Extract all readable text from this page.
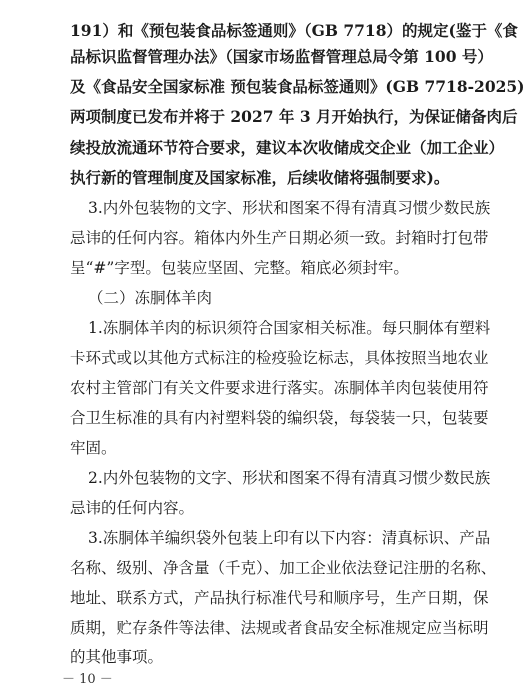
191）和《预包装食品标签通则》（GB 7718）的规定(鉴于《食
品标识监督管理办法》（国家市场监督管理总局令第 100 号）
及《食品安全国家标准 预包装食品标签通则》(GB 7718-2025)
两项制度已发布并将于 2027 年 3 月开始执行，为保证储备肉后
续投放流通环节符合要求，建议本次收储成交企业（加工企业）
执行新的管理制度及国家标准，后续收储将强制要求)。
3.内外包装物的文字、形状和图案不得有清真习惯少数民族
忌讳的任何内容。箱体内外生产日期必须一致。封箱时打包带
呈“#”字型。包装应坚固、完整。箱底必须封牢。
（二）冻胴体羊肉
1.冻胴体羊肉的标识须符合国家相关标准。每只胴体有塑料
卡环式或以其他方式标注的检疫验讫标志，具体按照当地农业
农村主管部门有关文件要求进行落实。冻胴体羊肉包装使用符
合卫生标准的具有内衬塑料袋的编织袋，每袋装一只，包装要
牢固。
2.内外包装物的文字、形状和图案不得有清真习惯少数民族
忌讳的任何内容。
3.冻胴体羊编织袋外包装上印有以下内容：清真标识、产品
名称、级别、净含量（千克）、加工企业依法登记注册的名称、
地址、联系方式，产品执行标准代号和顺序号，生产日期，保
质期，贮存条件等法律、法规或者食品安全标准规定应当标明
的其他事项。
－ 10 －
